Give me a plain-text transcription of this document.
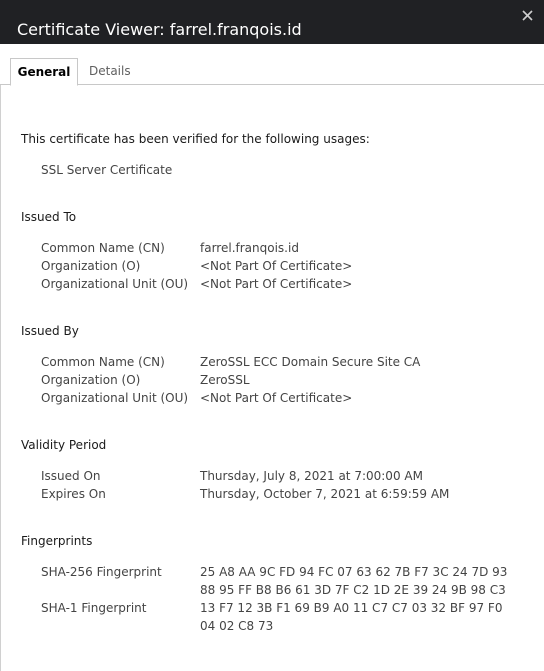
Certificate Viewer: farrel.franqois.id
General	Details
This certificate has been verified for the following usages:
SSL Server Certificate
Issued To
Common Name (CN)	farrel.franqois.id
Organization (O)	<Not Part Of Certificate>
Organizational Unit (OU) <Not Part Of Certificate>
Issued By
Common Name (CN)	ZeroSSL ECC Domain Secure Site CA
Organization (O)	ZeroSSL
Organizational Unit (OU) <Not Part Of Certificate>
Validity Period
Issued On	Thursday, July 8, 2021 at 7:00:00 AM
Expires On	Thursday, October 7, 2021 at 6:59:59 AM
Fingerprints
SHA-256 Fingerprint	25 A8 AA 9C FD 94 FC 07 63 62 7B F7 3C 24 7D 93
88 95 FF B8 B6 61 3D 7F C2 1D 2E 39 24 9B 98 C3
SHA-1 Fingerprint	13 F7 12 3B F1 69 B9 A0 11 C7 C7 03 32 BF 97 F0
04 02 C8 73
